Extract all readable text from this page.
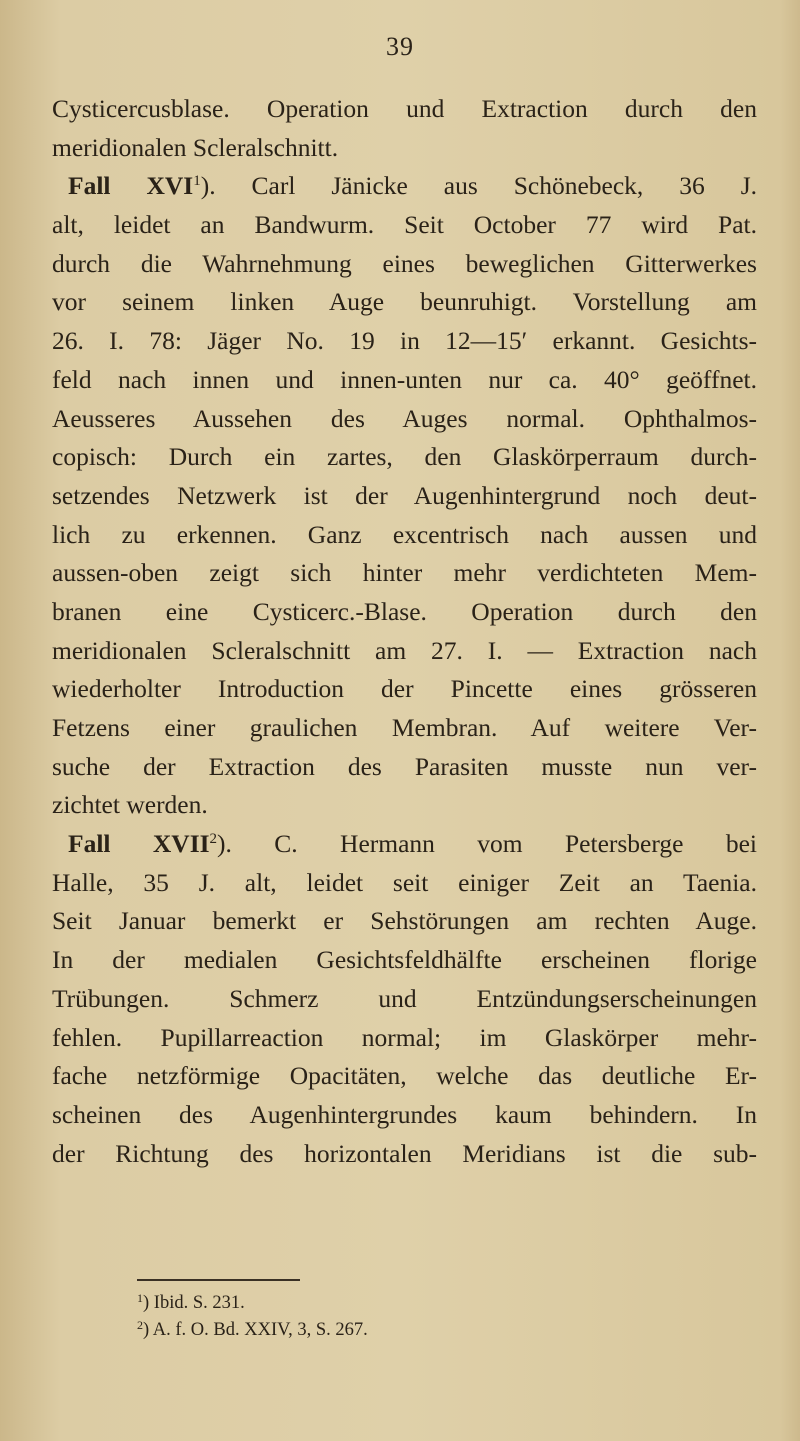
39
Cysticercusblase. Operation und Extraction durch den
meridionalen Scleralschnitt.
Fall XVI$^1$). Carl Jänicke aus Schönebeck, 36 J.
alt, leidet an Bandwurm. Seit October 77 wird Pat.
durch die Wahrnehmung eines beweglichen Gitterwerkes
vor seinem linken Auge beunruhigt. Vorstellung am
26. I. 78: Jäger No. 19 in 12—15′ erkannt. Gesichts-
feld nach innen und innen-unten nur ca. 40° geöffnet.
Aeusseres Aussehen des Auges normal. Ophthalmos-
copisch: Durch ein zartes, den Glaskörperraum durch-
setzendes Netzwerk ist der Augenhintergrund noch deut-
lich zu erkennen. Ganz excentrisch nach aussen und
aussen-oben zeigt sich hinter mehr verdichteten Mem-
branen eine Cysticerc.-Blase. Operation durch den
meridionalen Scleralschnitt am 27. I. — Extraction nach
wiederholter Introduction der Pincette eines grösseren
Fetzens einer graulichen Membran. Auf weitere Ver-
suche der Extraction des Parasiten musste nun ver-
zichtet werden.
Fall XVII$^2$). C. Hermann vom Petersberge bei
Halle, 35 J. alt, leidet seit einiger Zeit an Taenia.
Seit Januar bemerkt er Sehstörungen am rechten Auge.
In der medialen Gesichtsfeldhälfte erscheinen florige
Trübungen. Schmerz und Entzündungserscheinungen
fehlen. Pupillarreaction normal; im Glaskörper mehr-
fache netzförmige Opacitäten, welche das deutliche Er-
scheinen des Augenhintergrundes kaum behindern. In
der Richtung des horizontalen Meridians ist die sub-
$^1$) Ibid. S. 231.
$^2$) A. f. O. Bd. XXIV, 3, S. 267.
